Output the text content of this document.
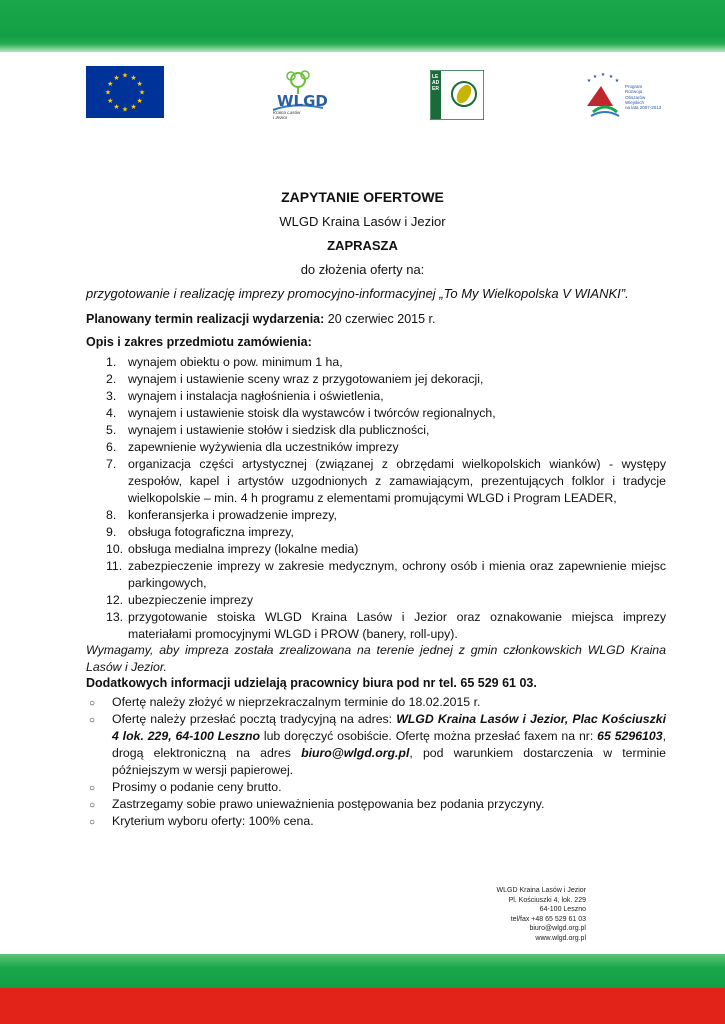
★
★
★
★
★
★
★
★
★ ★ ★
★
WLGD
Kraina Lasów i Jezior
LEADER
★
★ ★ ★
★
Program
Rozwoju
Obszarów
Wiejskich
na lata 2007-2013
ZAPYTANIE OFERTOWE
WLGD Kraina Lasów i Jezior
ZAPRASZA
do złożenia oferty na:
przygotowanie i realizację imprezy promocyjno-informacyjnej „To My Wielkopolska V WIANKI”.
Planowany termin realizacji wydarzenia: 20 czerwiec 2015 r.
Opis i zakres przedmiotu zamówienia:
1. wynajem obiektu o pow. minimum 1 ha,
2. wynajem i ustawienie sceny wraz z przygotowaniem jej dekoracji,
3. wynajem i instalacja nagłośnienia i oświetlenia,
4. wynajem i ustawienie stoisk dla wystawców i twórców regionalnych,
5. wynajem i ustawienie stołów i siedzisk dla publiczności,
6. zapewnienie wyżywienia dla uczestników imprezy
7. organizacja części artystycznej (związanej z obrzędami wielkopolskich wianków) - występy zespołów, kapel i artystów uzgodnionych z zamawiającym, prezentujących folklor i tradycje wielkopolskie – min. 4 h programu z elementami promującymi WLGD i Program LEADER,
8. konferansjerka i prowadzenie imprezy,
9. obsługa fotograficzna imprezy,
10. obsługa medialna imprezy (lokalne media)
11. zabezpieczenie imprezy w zakresie medycznym, ochrony osób i mienia oraz zapewnienie miejsc parkingowych,
12. ubezpieczenie imprezy
13. przygotowanie stoiska WLGD Kraina Lasów i Jezior oraz oznakowanie miejsca imprezy materiałami promocyjnymi WLGD i PROW (banery, roll-upy).
Wymagamy, aby impreza została zrealizowana na terenie jednej z gmin członkowskich WLGD Kraina Lasów i Jezior.
Dodatkowych informacji udzielają pracownicy biura pod nr tel. 65 529 61 03.
○ Ofertę należy złożyć w nieprzekraczalnym terminie do 18.02.2015 r.
○ Ofertę należy przesłać pocztą tradycyjną na adres: WLGD Kraina Lasów i Jezior, Plac Kościuszki 4 lok. 229, 64-100 Leszno lub doręczyć osobiście. Ofertę można przesłać faxem na nr: 65 5296103, drogą elektroniczną na adres biuro@wlgd.org.pl, pod warunkiem dostarczenia w terminie późniejszym w wersji papierowej.
○ Prosimy o podanie ceny brutto.
○ Zastrzegamy sobie prawo unieważnienia postępowania bez podania przyczyny.
○ Kryterium wyboru oferty: 100% cena.
WLGD Kraina Lasów i Jezior
Pl. Kościuszki 4, lok. 229
64-100 Leszno
tel/fax +48 65 529 61 03
biuro@wlgd.org.pl
www.wlgd.org.pl
